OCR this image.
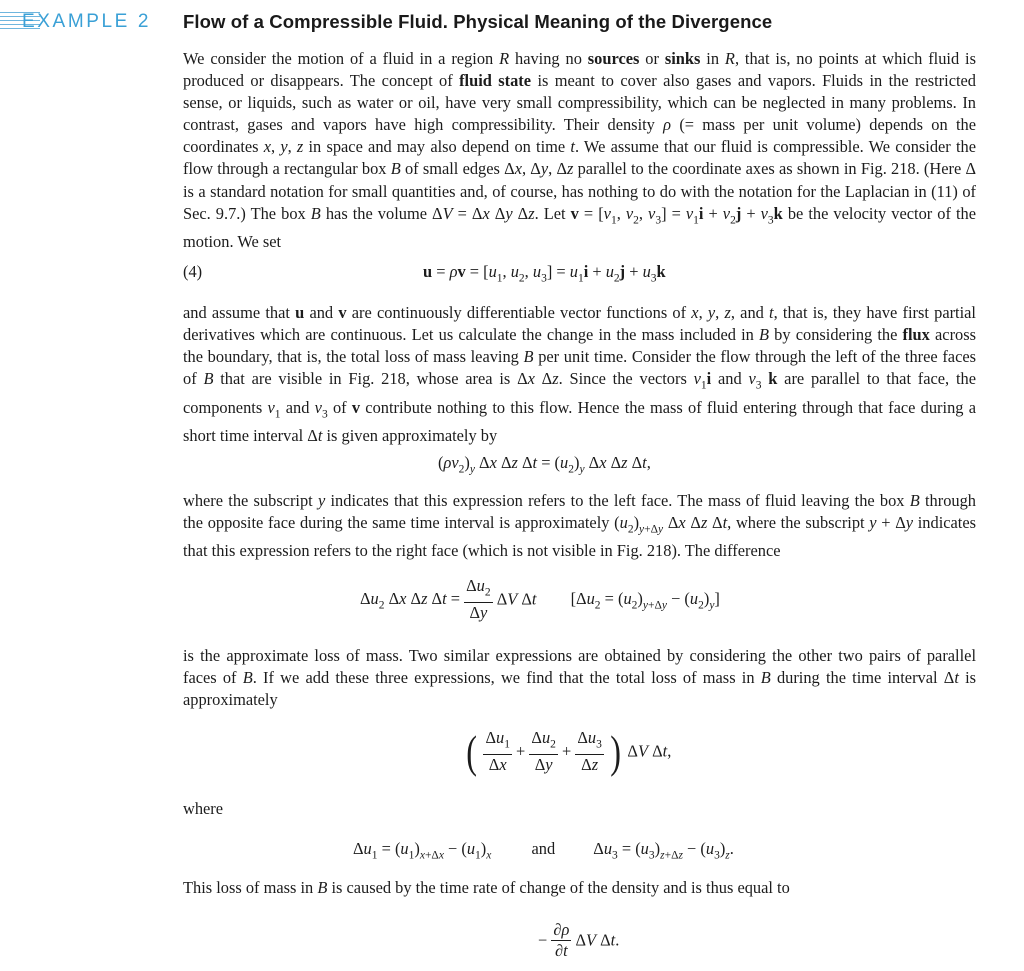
EXAMPLE 2 Flow of a Compressible Fluid. Physical Meaning of the Divergence

We consider the motion of a fluid in a region R having no sources or sinks in R, that is, no points at which fluid is produced or disappears. The concept of fluid state is meant to cover also gases and vapors. Fluids in the restricted sense, or liquids, such as water or oil, have very small compressibility, which can be neglected in many problems. In contrast, gases and vapors have high compressibility. Their density ρ (= mass per unit volume) depends on the coordinates x, y, z in space and may also depend on time t. We assume that our fluid is compressible. We consider the flow through a rectangular box B of small edges Δx, Δy, Δz parallel to the coordinate axes as shown in Fig. 218. (Here Δ is a standard notation for small quantities and, of course, has nothing to do with the notation for the Laplacian in (11) of Sec. 9.7.) The box B has the volume ΔV = Δx Δy Δz. Let $v = [v_1$, $v_2$, $v_3] = v_1i + v_2j + v_3k$ be the velocity vector of the motion. We set

(4)	$u = \rho v = [u_1$, $u_2$, $u_3] = u_1i + u_2j + u_3k$

and assume that u and v are continuously differentiable vector functions of x, y, z, and t, that is, they have first partial derivatives which are continuous. Let us calculate the change in the mass included in B by considering the flux across the boundary, that is, the total loss of mass leaving B per unit time. Consider the flow through the left of the three faces of B that are visible in Fig. 218, whose area is Δx Δz. Since the vectors $v_1i$ and $v_3$ k are parallel to that face, the components $v_1$ and $v_3$ of v contribute nothing to this flow. Hence the mass of fluid entering through that face during a short time interval Δt is given approximately by

$(\rho v_2)_y$ Δx Δz $\Delta t = (u_2)_y$ Δx Δz Δt,

where the subscript y indicates that this expression refers to the left face. The mass of fluid leaving the box B through the opposite face during the same time interval is approximately $(u_2)_{y+\Delta y}$ Δx Δz Δt, where the subscript y + Δy indicates that this expression refers to the right face (which is not visible in Fig. 218). The difference

$\Delta u_2$ Δx Δz $\Delta t = \frac{\Delta u_2}{\Delta y}$ ΔV Δt $[\Delta u_2 = (u_2)_{y+\Delta y} - (u_2)_y]$

is the approximate loss of mass. Two similar expressions are obtained by considering the other two pairs of parallel faces of B. If we add these three expressions, we find that the total loss of mass in B during the time interval Δt is approximately

( $\frac{\Delta u_1}{\Delta x} + \frac{\Delta u_2}{\Delta y} + \frac{\Delta u_3}{\Delta z}$ ) ΔV Δt,

where

$\Delta u_1 = (u_1)_{x+\Delta x} - (u_1)_x$ and $\Delta u_3 = (u_3)_{z+\Delta z} - (u_3)_z$.

This loss of mass in B is caused by the time rate of change of the density and is thus equal to

− $\frac{\partial\rho}{\partial t}$ ΔV Δt.
